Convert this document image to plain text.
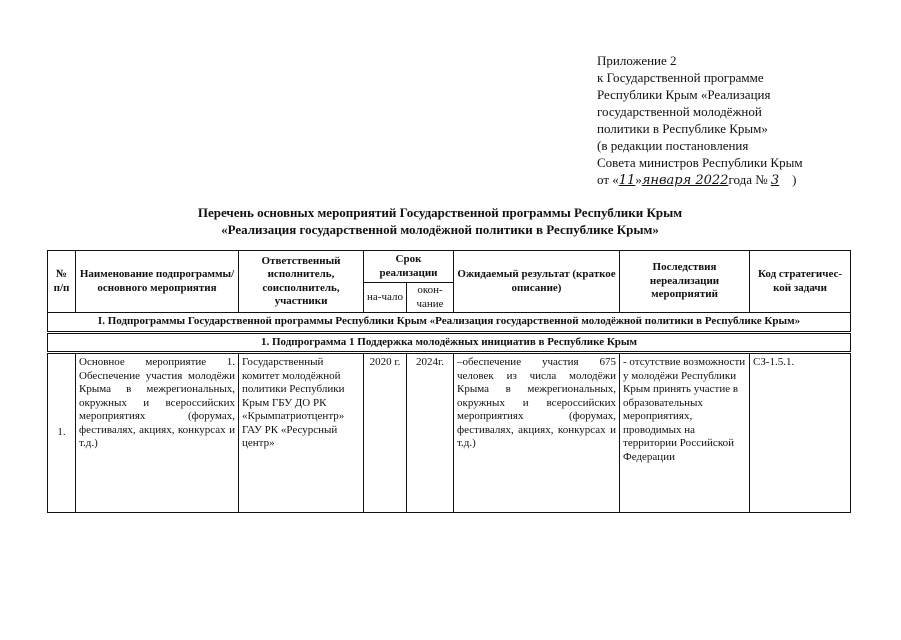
Приложение 2
к Государственной программе
Республики Крым «Реализация
государственной молодёжной
политики в Республике Крым»
(в редакции постановления
Совета министров Республики Крым
от «11»января 2022года № 3 )
Перечень основных мероприятий Государственной программы Республики Крым
«Реализация государственной молодёжной политики в Республике Крым»
№ п/п	Наименование подпрограммы/ основного мероприятия	Ответственный исполнитель, соисполнитель, участники	Срок реализации		Ожидаемый результат (краткое описание)	Последствия нереализации мероприятий	Код стратегичес-кой задачи
			на-чало	окон-чание			
I. Подпрограммы Государственной программы Республики Крым «Реализация государственной молодёжной политики в Республике Крым»							
1. Подпрограмма 1 Поддержка молодёжных инициатив в Республике Крым							
1.	Основное мероприятие 1. Обеспечение участия молодёжи Крыма в межрегиональных, окружных и всероссийских мероприятиях (форумах, фестивалях, акциях, конкурсах и т.д.)	Государственный комитет молодёжной политики Республики Крым ГБУ ДО РК «Крымпатриотцентр» ГАУ РК «Ресурсный центр»	2020 г.	2024г.	–обеспечение участия 675 человек из числа молодёжи Крыма в межрегиональных, окружных и всероссийских мероприятиях (форумах, фестивалях, акциях, конкурсах и т.д.)	- отсутствие возможности у молодёжи Республики Крым принять участие в образовательных мероприятиях, проводимых на территории Российской Федерации	СЗ-1.5.1.
